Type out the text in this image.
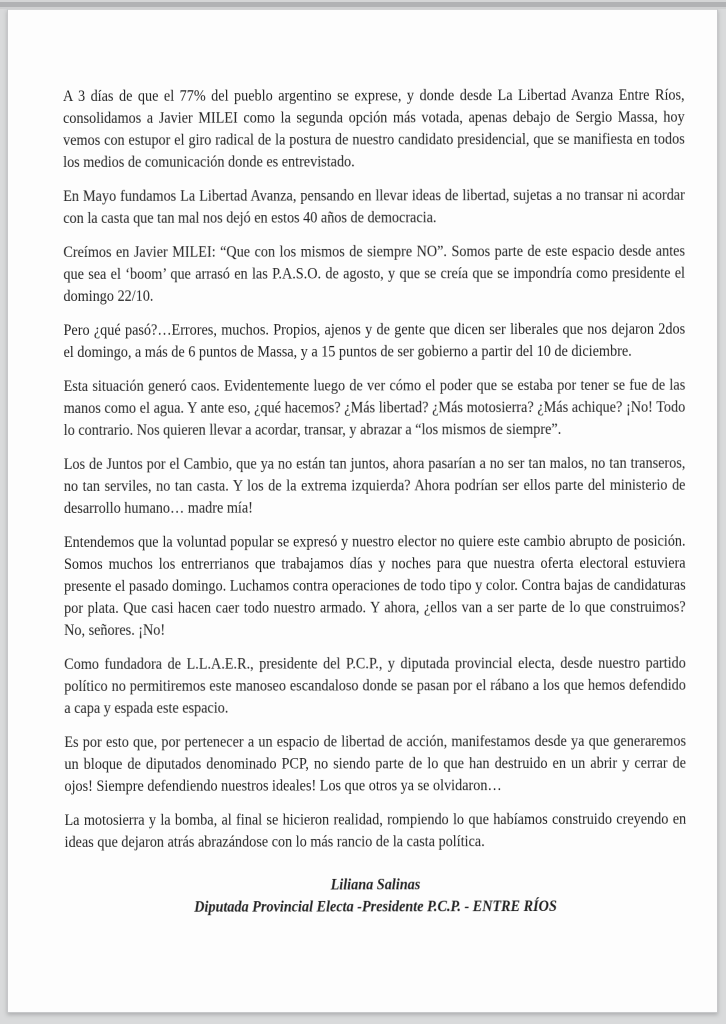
A 3 días de que el 77% del pueblo argentino se exprese, y donde desde La Libertad Avanza Entre Ríos, consolidamos a Javier MILEI como la segunda opción más votada, apenas debajo de Sergio Massa, hoy vemos con estupor el giro radical de la postura de nuestro candidato presidencial, que se manifiesta en todos los medios de comunicación donde es entrevistado.

En Mayo fundamos La Libertad Avanza, pensando en llevar ideas de libertad, sujetas a no transar ni acordar con la casta que tan mal nos dejó en estos 40 años de democracia.

Creímos en Javier MILEI: “Que con los mismos de siempre NO”. Somos parte de este espacio desde antes que sea el ‘boom’ que arrasó en las P.A.S.O. de agosto, y que se creía que se impondría como presidente el domingo 22/10.

Pero ¿qué pasó?…Errores, muchos. Propios, ajenos y de gente que dicen ser liberales que nos dejaron 2dos el domingo, a más de 6 puntos de Massa, y a 15 puntos de ser gobierno a partir del 10 de diciembre.

Esta situación generó caos. Evidentemente luego de ver cómo el poder que se estaba por tener se fue de las manos como el agua. Y ante eso, ¿qué hacemos? ¿Más libertad? ¿Más motosierra? ¿Más achique? ¡No! Todo lo contrario. Nos quieren llevar a acordar, transar, y abrazar a “los mismos de siempre”.

Los de Juntos por el Cambio, que ya no están tan juntos, ahora pasarían a no ser tan malos, no tan transeros, no tan serviles, no tan casta. Y los de la extrema izquierda? Ahora podrían ser ellos parte del ministerio de desarrollo humano… madre mía!

Entendemos que la voluntad popular se expresó y nuestro elector no quiere este cambio abrupto de posición. Somos muchos los entrerrianos que trabajamos días y noches para que nuestra oferta electoral estuviera presente el pasado domingo. Luchamos contra operaciones de todo tipo y color. Contra bajas de candidaturas por plata. Que casi hacen caer todo nuestro armado. Y ahora, ¿ellos van a ser parte de lo que construimos? No, señores. ¡No!

Como fundadora de L.L.A.E.R., presidente del P.C.P., y diputada provincial electa, desde nuestro partido político no permitiremos este manoseo escandaloso donde se pasan por el rábano a los que hemos defendido a capa y espada este espacio.

Es por esto que, por pertenecer a un espacio de libertad de acción, manifestamos desde ya que generaremos un bloque de diputados denominado PCP, no siendo parte de lo que han destruido en un abrir y cerrar de ojos! Siempre defendiendo nuestros ideales! Los que otros ya se olvidaron…

La motosierra y la bomba, al final se hicieron realidad, rompiendo lo que habíamos construido creyendo en ideas que dejaron atrás abrazándose con lo más rancio de la casta política.

Liliana Salinas

Diputada Provincial Electa -Presidente P.C.P. - ENTRE RÍOS
